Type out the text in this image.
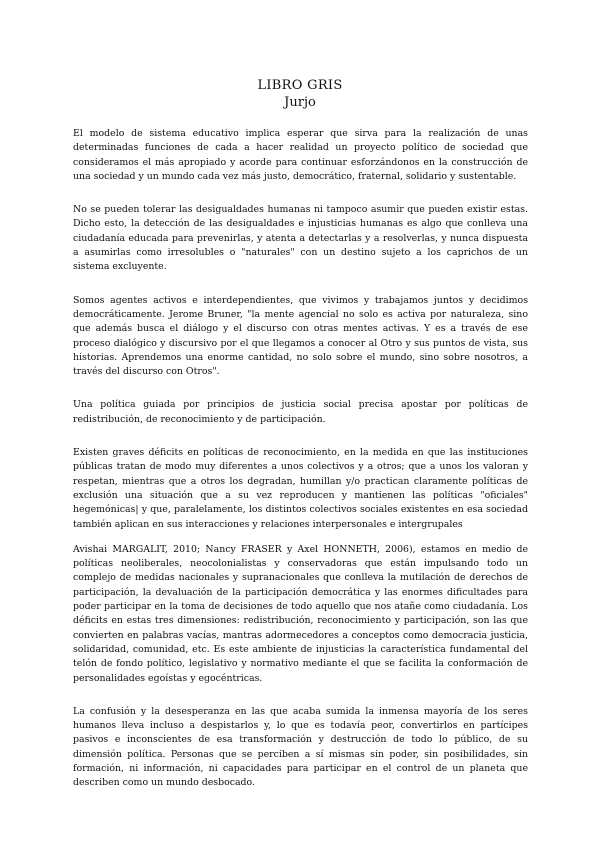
LIBRO GRIS
Jurjo

El modelo de sistema educativo implica esperar que sirva para la realización de unas determinadas funciones de cada a hacer realidad un proyecto político de sociedad que consideramos el más apropiado y acorde para continuar esforzándonos en la construcción de una sociedad y un mundo cada vez más justo, democrático, fraternal, solidario y sustentable.

No se pueden tolerar las desigualdades humanas ni tampoco asumir que pueden existir estas. Dicho esto, la detección de las desigualdades e injusticias humanas es algo que conlleva una ciudadanía educada para prevenirlas, y atenta a detectarlas y a resolverlas, y nunca dispuesta a asumirlas como irresolubles o "naturales" con un destino sujeto a los caprichos de un sistema excluyente.

Somos agentes activos e interdependientes, que vivimos y trabajamos juntos y decidimos democráticamente. Jerome Bruner, "la mente agencial no solo es activa por naturaleza, sino que además busca el diálogo y el discurso con otras mentes activas. Y es a través de ese proceso dialógico y discursivo por el que llegamos a conocer al Otro y sus puntos de vista, sus historias. Aprendemos una enorme cantidad, no solo sobre el mundo, sino sobre nosotros, a través del discurso con Otros".

Una política guiada por principios de justicia social precisa apostar por políticas de redistribución, de reconocimiento y de participación.

Existen graves déficits en políticas de reconocimiento, en la medida en que las instituciones públicas tratan de modo muy diferentes a unos colectivos y a otros; que a unos los valoran y respetan, mientras que a otros los degradan, humillan y/o practican claramente políticas de exclusión una situación que a su vez reproducen y mantienen las políticas "oficiales" hegemónicas| y que, paralelamente, los distintos colectivos sociales existentes en esa sociedad también aplican en sus interacciones y relaciones interpersonales e intergrupales

Avishai MARGALIT, 2010; Nancy FRASER y Axel HONNETH, 2006), estamos en medio de políticas neoliberales, neocolonialistas y conservadoras que están impulsando todo un complejo de medidas nacionales y supranacionales que conlleva la mutilación de derechos de participación, la devaluación de la participación democrática y las enormes dificultades para poder participar en la toma de decisiones de todo aquello que nos atañe como ciudadanía. Los déficits en estas tres dimensiones: redistribución, reconocimiento y participación, son las que convierten en palabras vacías, mantras adormecedores a conceptos como democracia justicia, solidaridad, comunidad, etc. Es este ambiente de injusticias la característica fundamental del telón de fondo político, legislativo y normativo mediante el que se facilita la conformación de personalidades egoístas y egocéntricas.

La confusión y la desesperanza en las que acaba sumida la inmensa mayoría de los seres humanos lleva incluso a despistarlos y, lo que es todavía peor, convertirlos en partícipes pasivos e inconscientes de esa transformación y destrucción de todo lo público, de su dimensión política. Personas que se perciben a sí mismas sin poder, sin posibilidades, sin formación, ni información, ni capacidades para participar en el control de un planeta que describen como un mundo desbocado.
